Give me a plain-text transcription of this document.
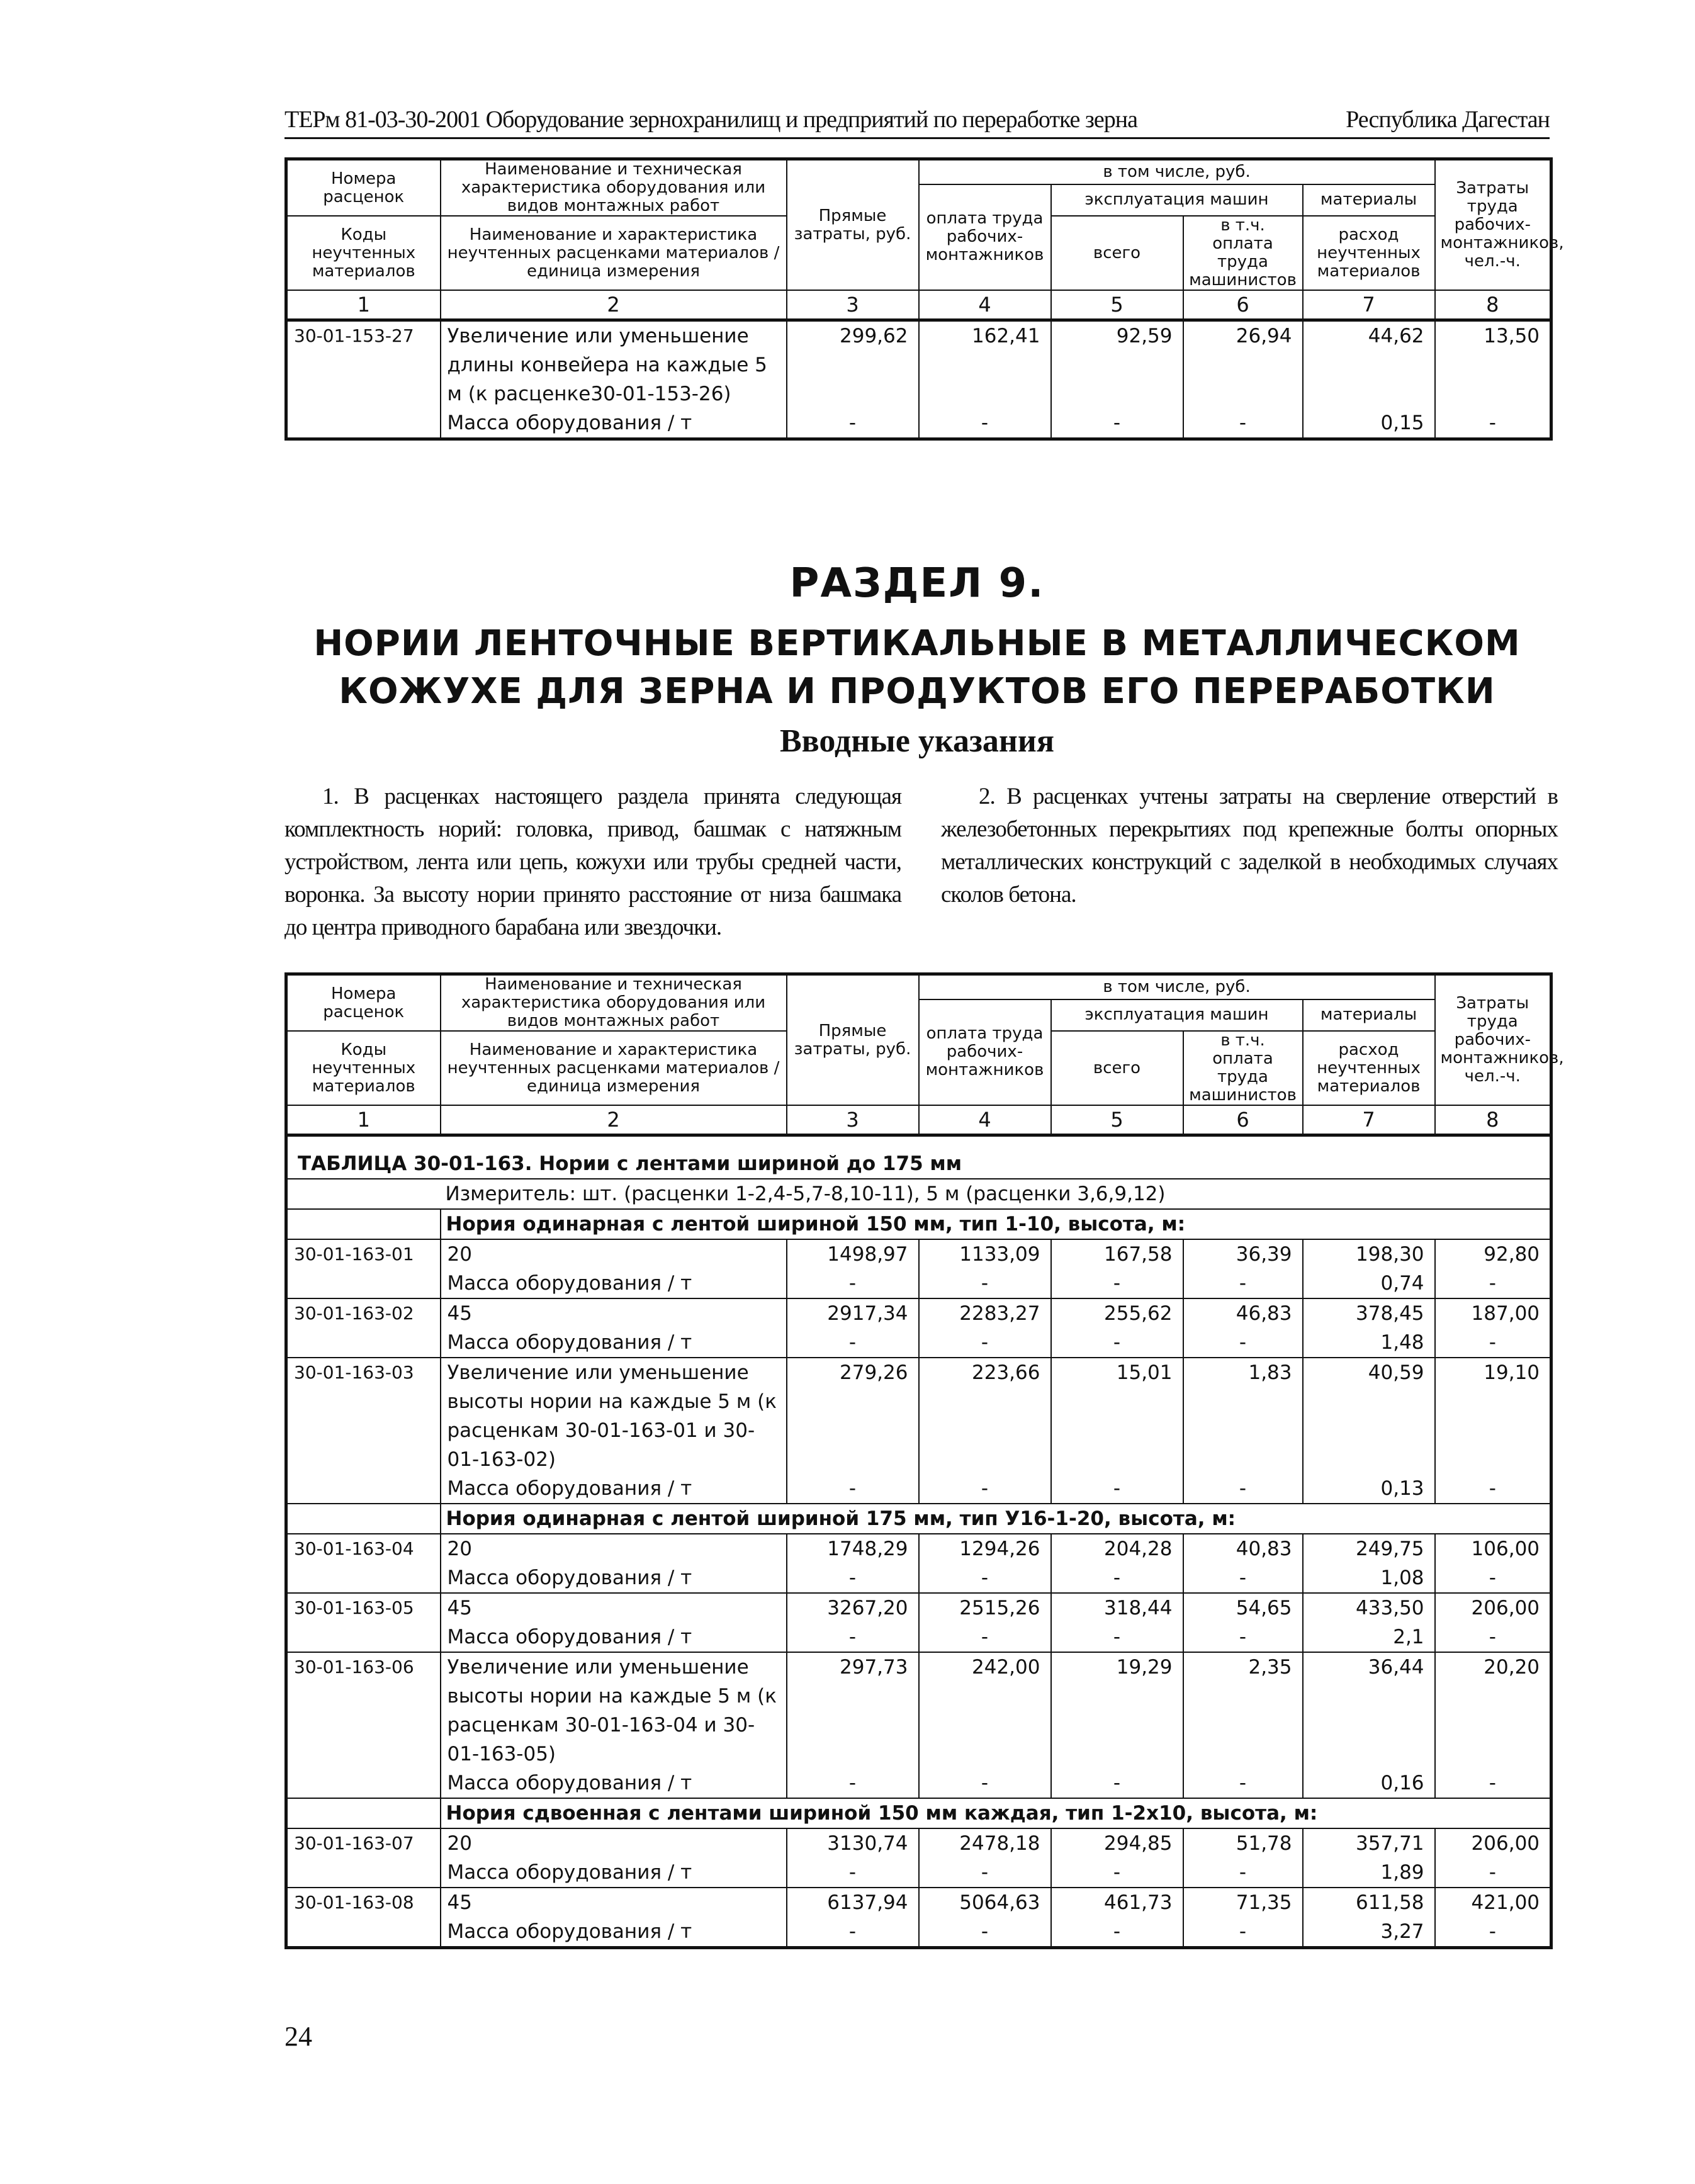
ТЕРм 81-03-30-2001 Оборудование зернохранилищ и предприятий по переработке зерна	Республика Дагестан
Номера расценок	Наименование и техническая характеристика оборудования или видов монтажных работ	Прямые затраты, руб.	в том числе, руб.				Затраты труда рабочих-монтажников, чел.-ч.
			оплата труда рабочих-монтажников	эксплуатация машин		материалы	
Коды неучтенных материалов	Наименование и характеристика неучтенных расценками материалов / единица измерения			всего	в т.ч. оплата труда машинистов	расход неучтенных материалов	

1	2	3	4	5	6	7	8
30-01-153-27	Увеличение или уменьшение длины конвейера на каждые 5 м (к расценке30-01-153-26)	299,62	162,41	92,59	26,94	44,62	13,50
	Масса оборудования / т	-	-	-	-	0,15	-
РАЗДЕЛ 9.
НОРИИ ЛЕНТОЧНЫЕ ВЕРТИКАЛЬНЫЕ В МЕТАЛЛИЧЕСКОМ
КОЖУХЕ ДЛЯ ЗЕРНА И ПРОДУКТОВ ЕГО ПЕРЕРАБОТКИ
Вводные указания
1. В расценках настоящего раздела принята следующая комплектность норий: головка, привод, башмак с натяжным устройством, лента или цепь, кожухи или трубы средней части, воронка. За высоту нории принято расстояние от низа башмака до центра приводного барабана или звездочки.
2. В расценках учтены затраты на сверление отверстий в железобетонных перекрытиях под крепежные болты опорных металлических конструкций с заделкой в необходимых случаях сколов бетона.
Номера расценок	Наименование и техническая характеристика оборудования или видов монтажных работ	Прямые затраты, руб.	в том числе, руб.				Затраты труда рабочих-монтажников, чел.-ч.
			оплата труда рабочих-монтажников	эксплуатация машин		материалы	
Коды неучтенных материалов	Наименование и характеристика неучтенных расценками материалов / единица измерения			всего	в т.ч. оплата труда машинистов	расход неучтенных материалов	

1	2	3	4	5	6	7	8
ТАБЛИЦА 30-01-163. Нории с лентами шириной до 175 мм							
	Измеритель: шт. (расценки 1-2,4-5,7-8,10-11), 5 м (расценки 3,6,9,12)						
	Нория одинарная с лентой шириной 150 мм, тип 1-10, высота, м:						
30-01-163-01	20	1498,97	1133,09	167,58	36,39	198,30	92,80
	Масса оборудования / т	-	-	-	-	0,74	-
30-01-163-02	45	2917,34	2283,27	255,62	46,83	378,45	187,00
	Масса оборудования / т	-	-	-	-	1,48	-
30-01-163-03	Увеличение или уменьшение высоты нории на каждые 5 м (к расценкам 30-01-163-01 и 30-01-163-02)	279,26	223,66	15,01	1,83	40,59	19,10
	Масса оборудования / т	-	-	-	-	0,13	-
	Нория одинарная с лентой шириной 175 мм, тип У16-1-20, высота, м:						
30-01-163-04	20	1748,29	1294,26	204,28	40,83	249,75	106,00
	Масса оборудования / т	-	-	-	-	1,08	-
30-01-163-05	45	3267,20	2515,26	318,44	54,65	433,50	206,00
	Масса оборудования / т	-	-	-	-	2,1	-
30-01-163-06	Увеличение или уменьшение высоты нории на каждые 5 м (к расценкам 30-01-163-04 и 30-01-163-05)	297,73	242,00	19,29	2,35	36,44	20,20
	Масса оборудования / т	-	-	-	-	0,16	-
	Нория сдвоенная с лентами шириной 150 мм каждая, тип 1-2х10, высота, м:						
30-01-163-07	20	3130,74	2478,18	294,85	51,78	357,71	206,00
	Масса оборудования / т	-	-	-	-	1,89	-
30-01-163-08	45	6137,94	5064,63	461,73	71,35	611,58	421,00
	Масса оборудования / т	-	-	-	-	3,27	-
24
